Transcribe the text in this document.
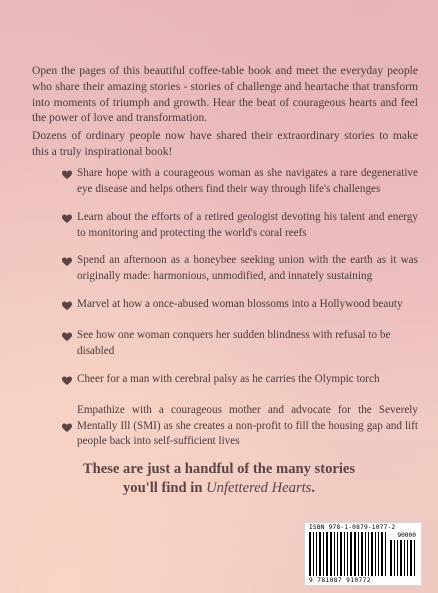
Open the pages of this beautiful coffee-table book and meet the everyday people who share their amazing stories - stories of challenge and heartache that transform into moments of triumph and growth. Hear the beat of courageous hearts and feel the power of love and transformation.

Dozens of ordinary people now have shared their extraordinary stories to make this a truly inspirational book!

Share hope with a courageous woman as she navigates a rare degenerative eye disease and helps others find their way through life's challenges
Learn about the efforts of a retired geologist devoting his talent and energy to monitoring and protecting the world's coral reefs
Spend an afternoon as a honeybee seeking union with the earth as it was originally made: harmonious, unmodified, and innately sustaining
Marvel at how a once-abused woman blossoms into a Hollywood beauty
See how one woman conquers her sudden blindness with refusal to be disabled
Cheer for a man with cerebral palsy as he carries the Olympic torch
Empathize with a courageous mother and advocate for the Severely Mentally Ill (SMI) as she creates a non-profit to fill the housing gap and lift people back into self-sufficient lives
These are just a handful of the many stories
you'll find in Unfettered Hearts.
ISBN 978-1-0879-1077-2
90000
9 781087 910772
